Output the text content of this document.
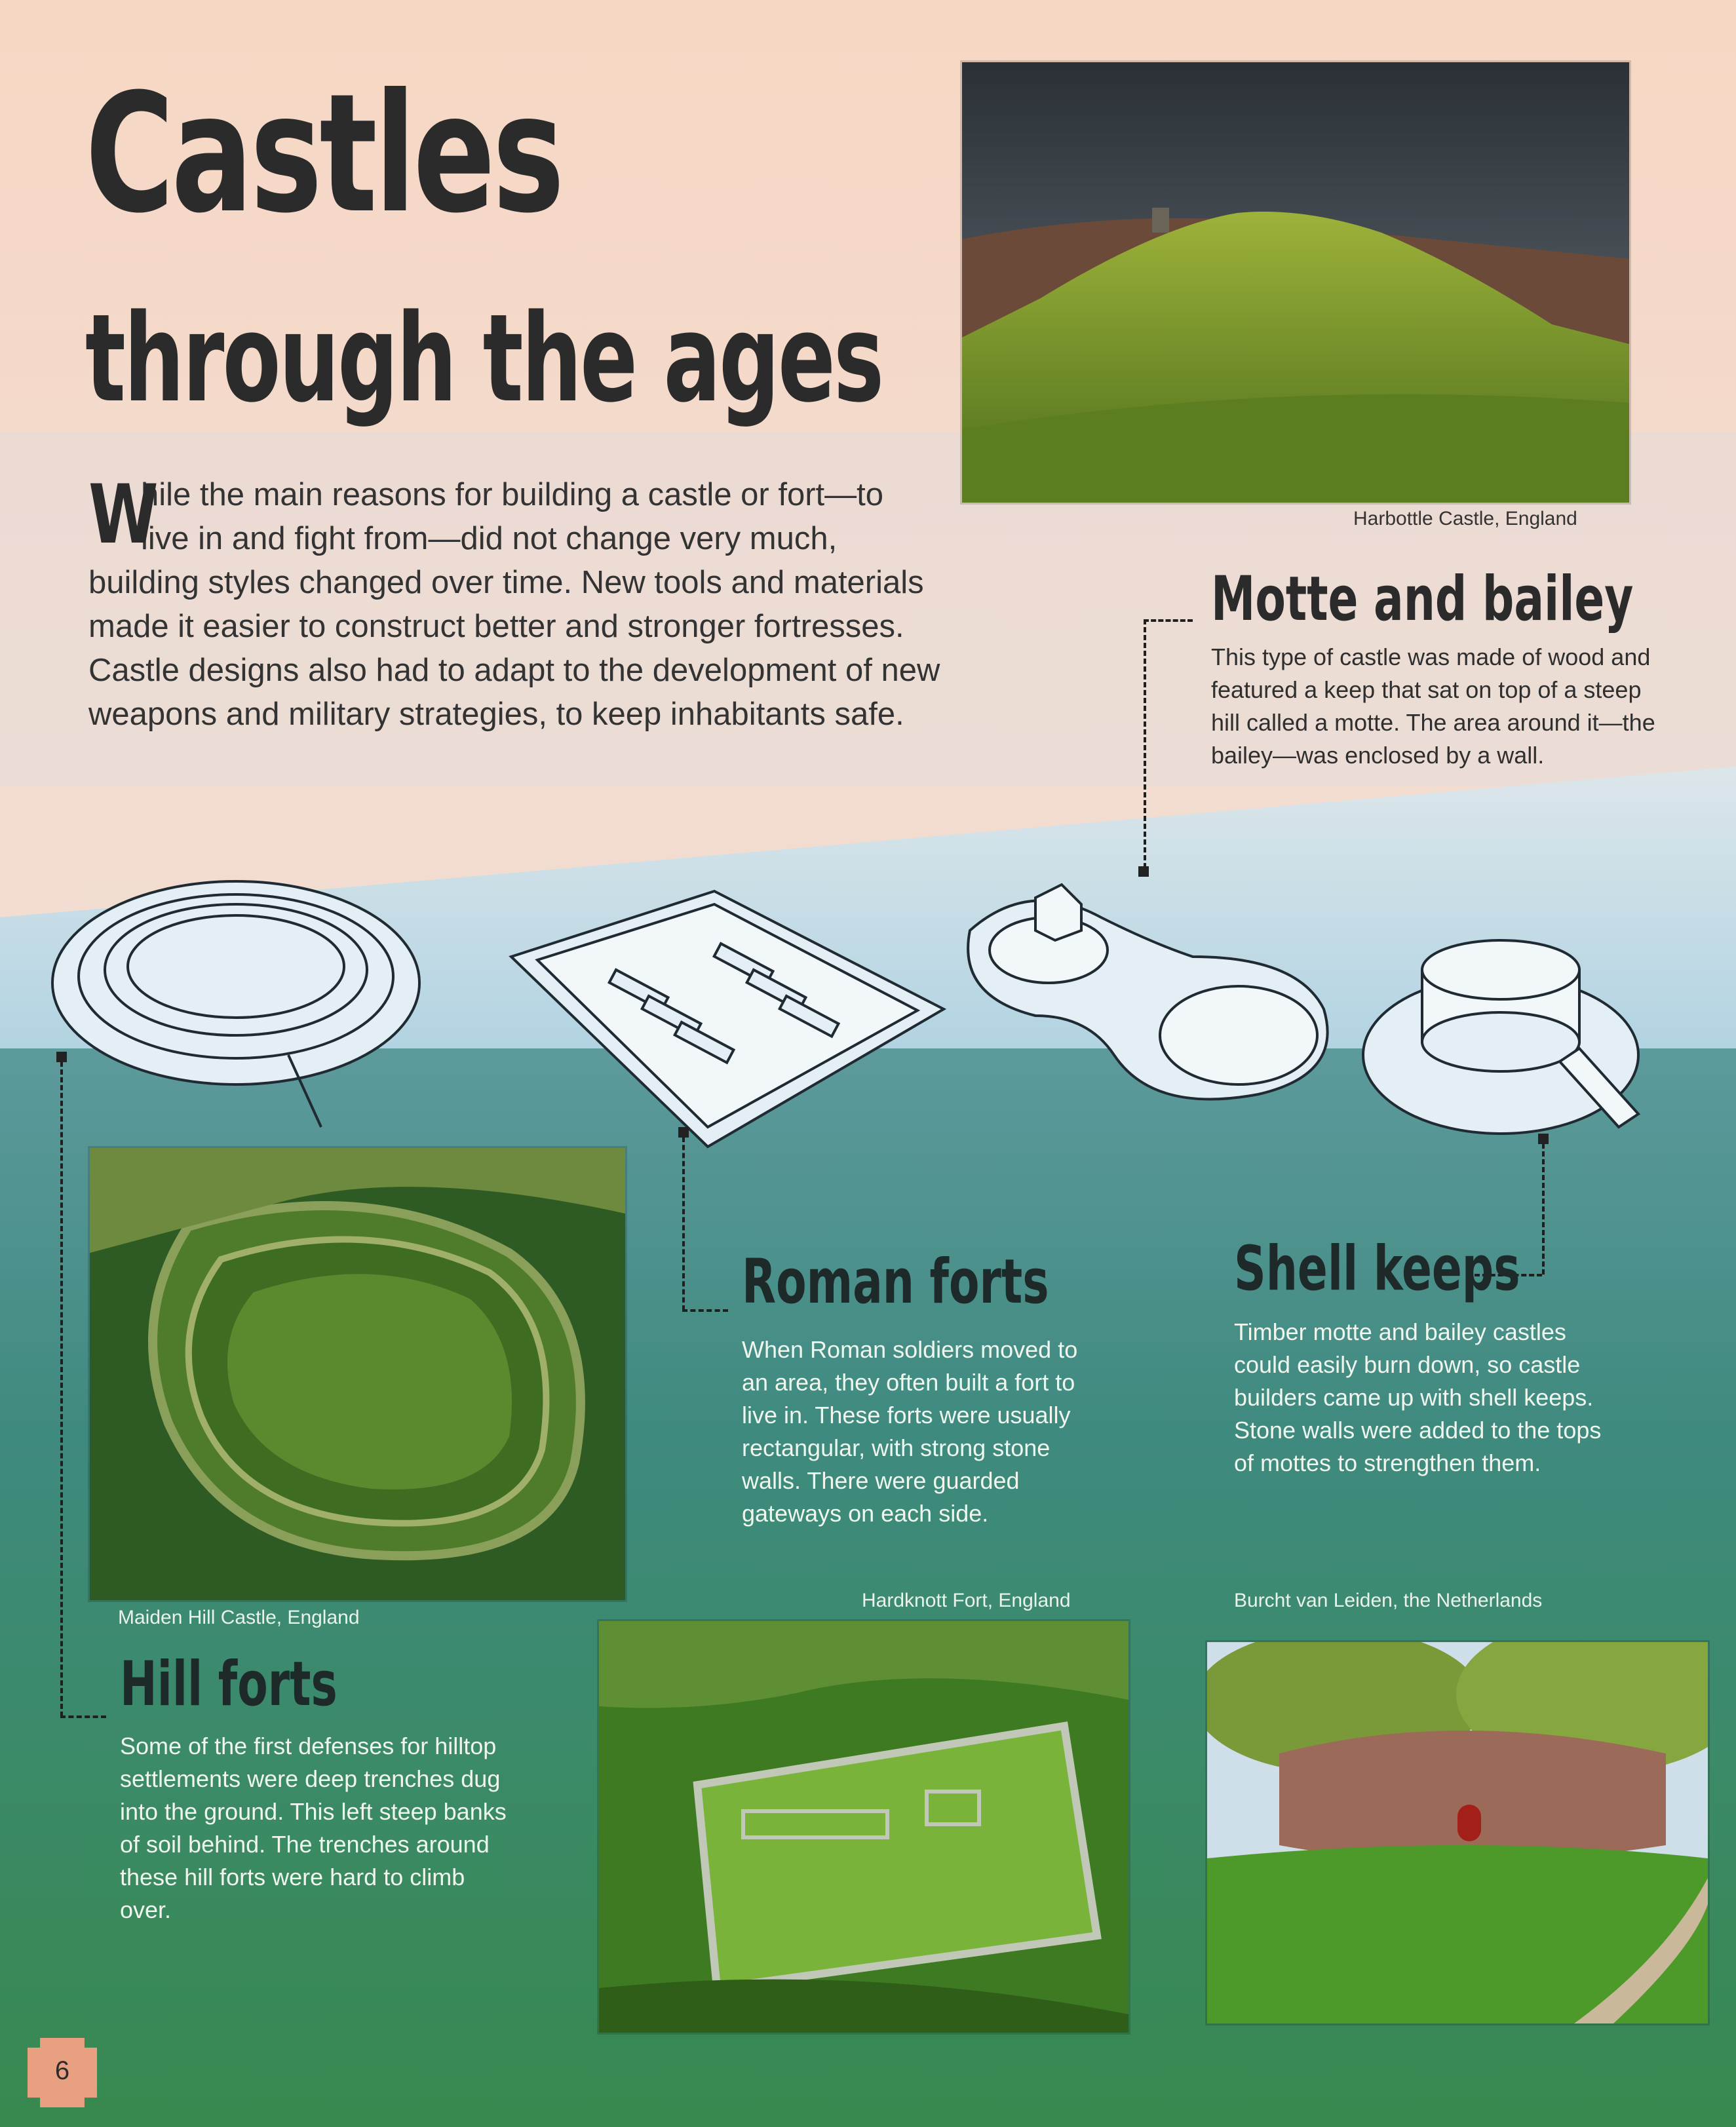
Castles
through the ages
W
hile the main reasons for building a castle or fort—to live in and fight from—did not change very much, building styles changed over time. New tools and materials made it easier to construct better and stronger fortresses. Castle designs also had to adapt to the development of new weapons and military strategies, to keep inhabitants safe.
Harbottle Castle, England
Motte and bailey
This type of castle was made of wood and featured a keep that sat on top of a steep hill called a motte. The area around it—the bailey—was enclosed by a wall.
Maiden Hill Castle, England
Hill forts
Some of the first defenses for hilltop settlements were deep trenches dug into the ground. This left steep banks of soil behind. The trenches around these hill forts were hard to climb over.
Roman forts
When Roman soldiers moved to an area, they often built a fort to live in. These forts were usually rectangular, with strong stone walls. There were guarded gateways on each side.
Hardknott Fort, England
Shell keeps
Timber motte and bailey castles could easily burn down, so castle builders came up with shell keeps. Stone walls were added to the tops of mottes to strengthen them.
Burcht van Leiden, the Netherlands
6
